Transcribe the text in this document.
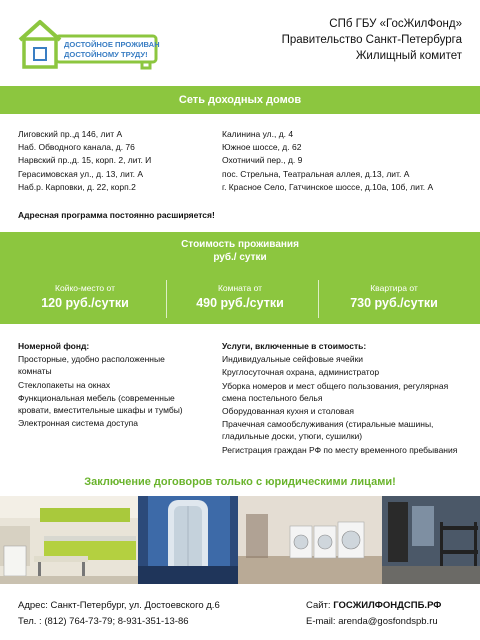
ДОСТОЙНОЕ ПРОЖИВАНИЕ
ДОСТОЙНОМУ ТРУДУ!
СПб ГБУ «ГосЖилФонд»
Правительство Санкт-Петербурга
Жилищный комитет
Сеть доходных домов
Лиговский пр.,д 146, лит А
Наб. Обводного канала, д. 76
Нарвский пр.,д. 15, корп. 2, лит. И
Герасимовская ул., д. 13, лит. А
Наб.р. Карповки, д. 22, корп.2
Калинина ул., д. 4
Южное шоссе, д. 62
Охотничий пер., д. 9
пос. Стрельна, Театральная аллея, д.13, лит. А
г. Красное Село, Гатчинское шоссе, д.10а, 10б, лит. А
Адресная программа постоянно расширяется!
Стоимость проживания
руб./ сутки
Койко-место от
120 руб./сутки
Комната от
490 руб./сутки
Квартира от
730 руб./сутки
Номерной фонд:
Просторные, удобно расположенные комнаты
Стеклопакеты на окнах
Функциональная мебель (современные кровати, вместительные шкафы и тумбы)
Электронная система доступа
Услуги, включенные в стоимость:
Индивидуальные сейфовые ячейки
Круглосуточная охрана, администратор
Уборка номеров и мест общего пользования, регулярная смена постельного белья
Оборудованная кухня и столовая
Прачечная самообслуживания (стиральные машины, гладильные доски, утюги, сушилки)
Регистрация граждан РФ по месту временного пребывания
Заключение договоров только с юридическими лицами!
Адрес: Санкт-Петербург, ул. Достоевского д.6
Тел. : (812) 764-73-79; 8-931-351-13-86
Сайт: ГОСЖИЛФОНДСПБ.РФ
E-mail: arenda@gosfondspb.ru
